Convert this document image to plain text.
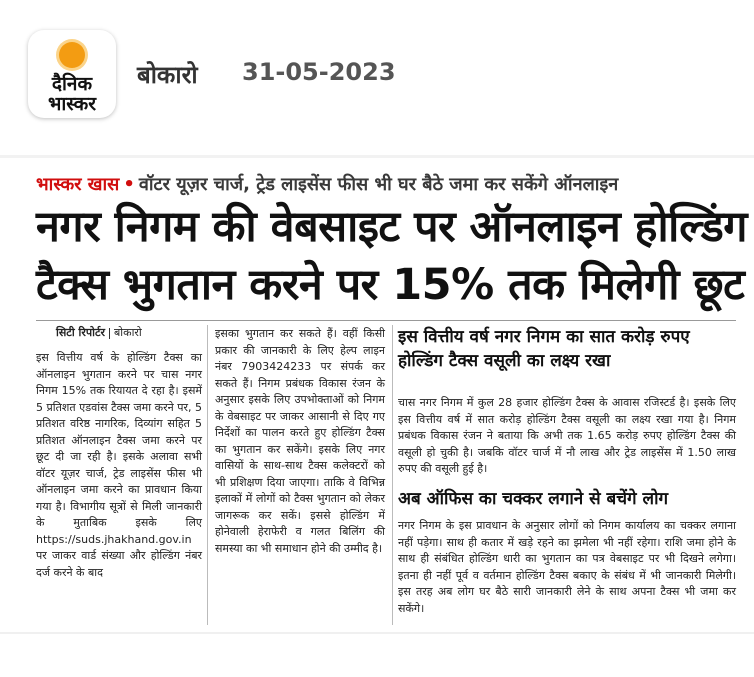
दैनिक
भास्कर
बोकारो 31-05-2023
भास्कर खास • वॉटर यूज़र चार्ज, ट्रेड लाइसेंस फीस भी घर बैठे जमा कर सकेंगे ऑनलाइन
नगर निगम की वेबसाइट पर ऑनलाइन होल्डिंग
टैक्स भुगतान करने पर 15% तक मिलेगी छूट
सिटी रिपोर्टर बोकारो
इस वित्तीय वर्ष के होल्डिंग टैक्स का ऑनलाइन भुगतान करने पर चास नगर निगम 15% तक रियायत दे रहा है। इसमें 5 प्रतिशत एडवांस टैक्स जमा करने पर, 5 प्रतिशत वरिष्ठ नागरिक, दिव्यांग सहित 5 प्रतिशत ऑनलाइन टैक्स जमा करने पर छूट दी जा रही है। इसके अलावा सभी वॉटर यूज़र चार्ज, ट्रेड लाइसेंस फीस भी ऑनलाइन जमा करने का प्रावधान किया गया है। विभागीय सूत्रों से मिली जानकारी के मुताबिक इसके लिए https://suds.jhakhand.gov.in पर जाकर वार्ड संख्या और होल्डिंग नंबर दर्ज करने के बाद
इसका भुगतान कर सकते हैं। वहीं किसी प्रकार की जानकारी के लिए हेल्प लाइन नंबर 7903424233 पर संपर्क कर सकते हैं। निगम प्रबंधक विकास रंजन के अनुसार इसके लिए उपभोक्ताओं को निगम के वेबसाइट पर जाकर आसानी से दिए गए निर्देशों का पालन करते हुए होल्डिंग टैक्स का भुगतान कर सकेंगे। इसके लिए नगर वासियों के साथ-साथ टैक्स कलेक्टरों को भी प्रशिक्षण दिया जाएगा। ताकि वे विभिन्न इलाकों में लोगों को टैक्स भुगतान को लेकर जागरूक कर सकें। इससे होल्डिंग में होनेवाली हेराफेरी व गलत बिलिंग की समस्या का भी समाधान होने की उम्मीद है।
इस वित्तीय वर्ष नगर निगम का सात करोड़ रुपए होल्डिंग टैक्स वसूली का लक्ष्य रखा
चास नगर निगम में कुल 28 हजार होल्डिंग टैक्स के आवास रजिस्टर्ड है। इसके लिए इस वित्तीय वर्ष में सात करोड़ होल्डिंग टैक्स वसूली का लक्ष्य रखा गया है। निगम प्रबंधक विकास रंजन ने बताया कि अभी तक 1.65 करोड़ रुपए होल्डिंग टैक्स की वसूली हो चुकी है। जबकि वॉटर चार्ज में नौ लाख और ट्रेड लाइसेंस में 1.50 लाख रुपए की वसूली हुई है।
अब ऑफिस का चक्कर लगाने से बचेंगे लोग
नगर निगम के इस प्रावधान के अनुसार लोगों को निगम कार्यालय का चक्कर लगाना नहीं पड़ेगा। साथ ही कतार में खड़े रहने का झमेला भी नहीं रहेगा। राशि जमा होने के साथ ही संबंधित होल्डिंग धारी का भुगतान का पत्र वेबसाइट पर भी दिखने लगेगा। इतना ही नहीं पूर्व व वर्तमान होल्डिंग टैक्स बकाए के संबंध में भी जानकारी मिलेगी। इस तरह अब लोग घर बैठे सारी जानकारी लेने के साथ अपना टैक्स भी जमा कर सकेंगे।
